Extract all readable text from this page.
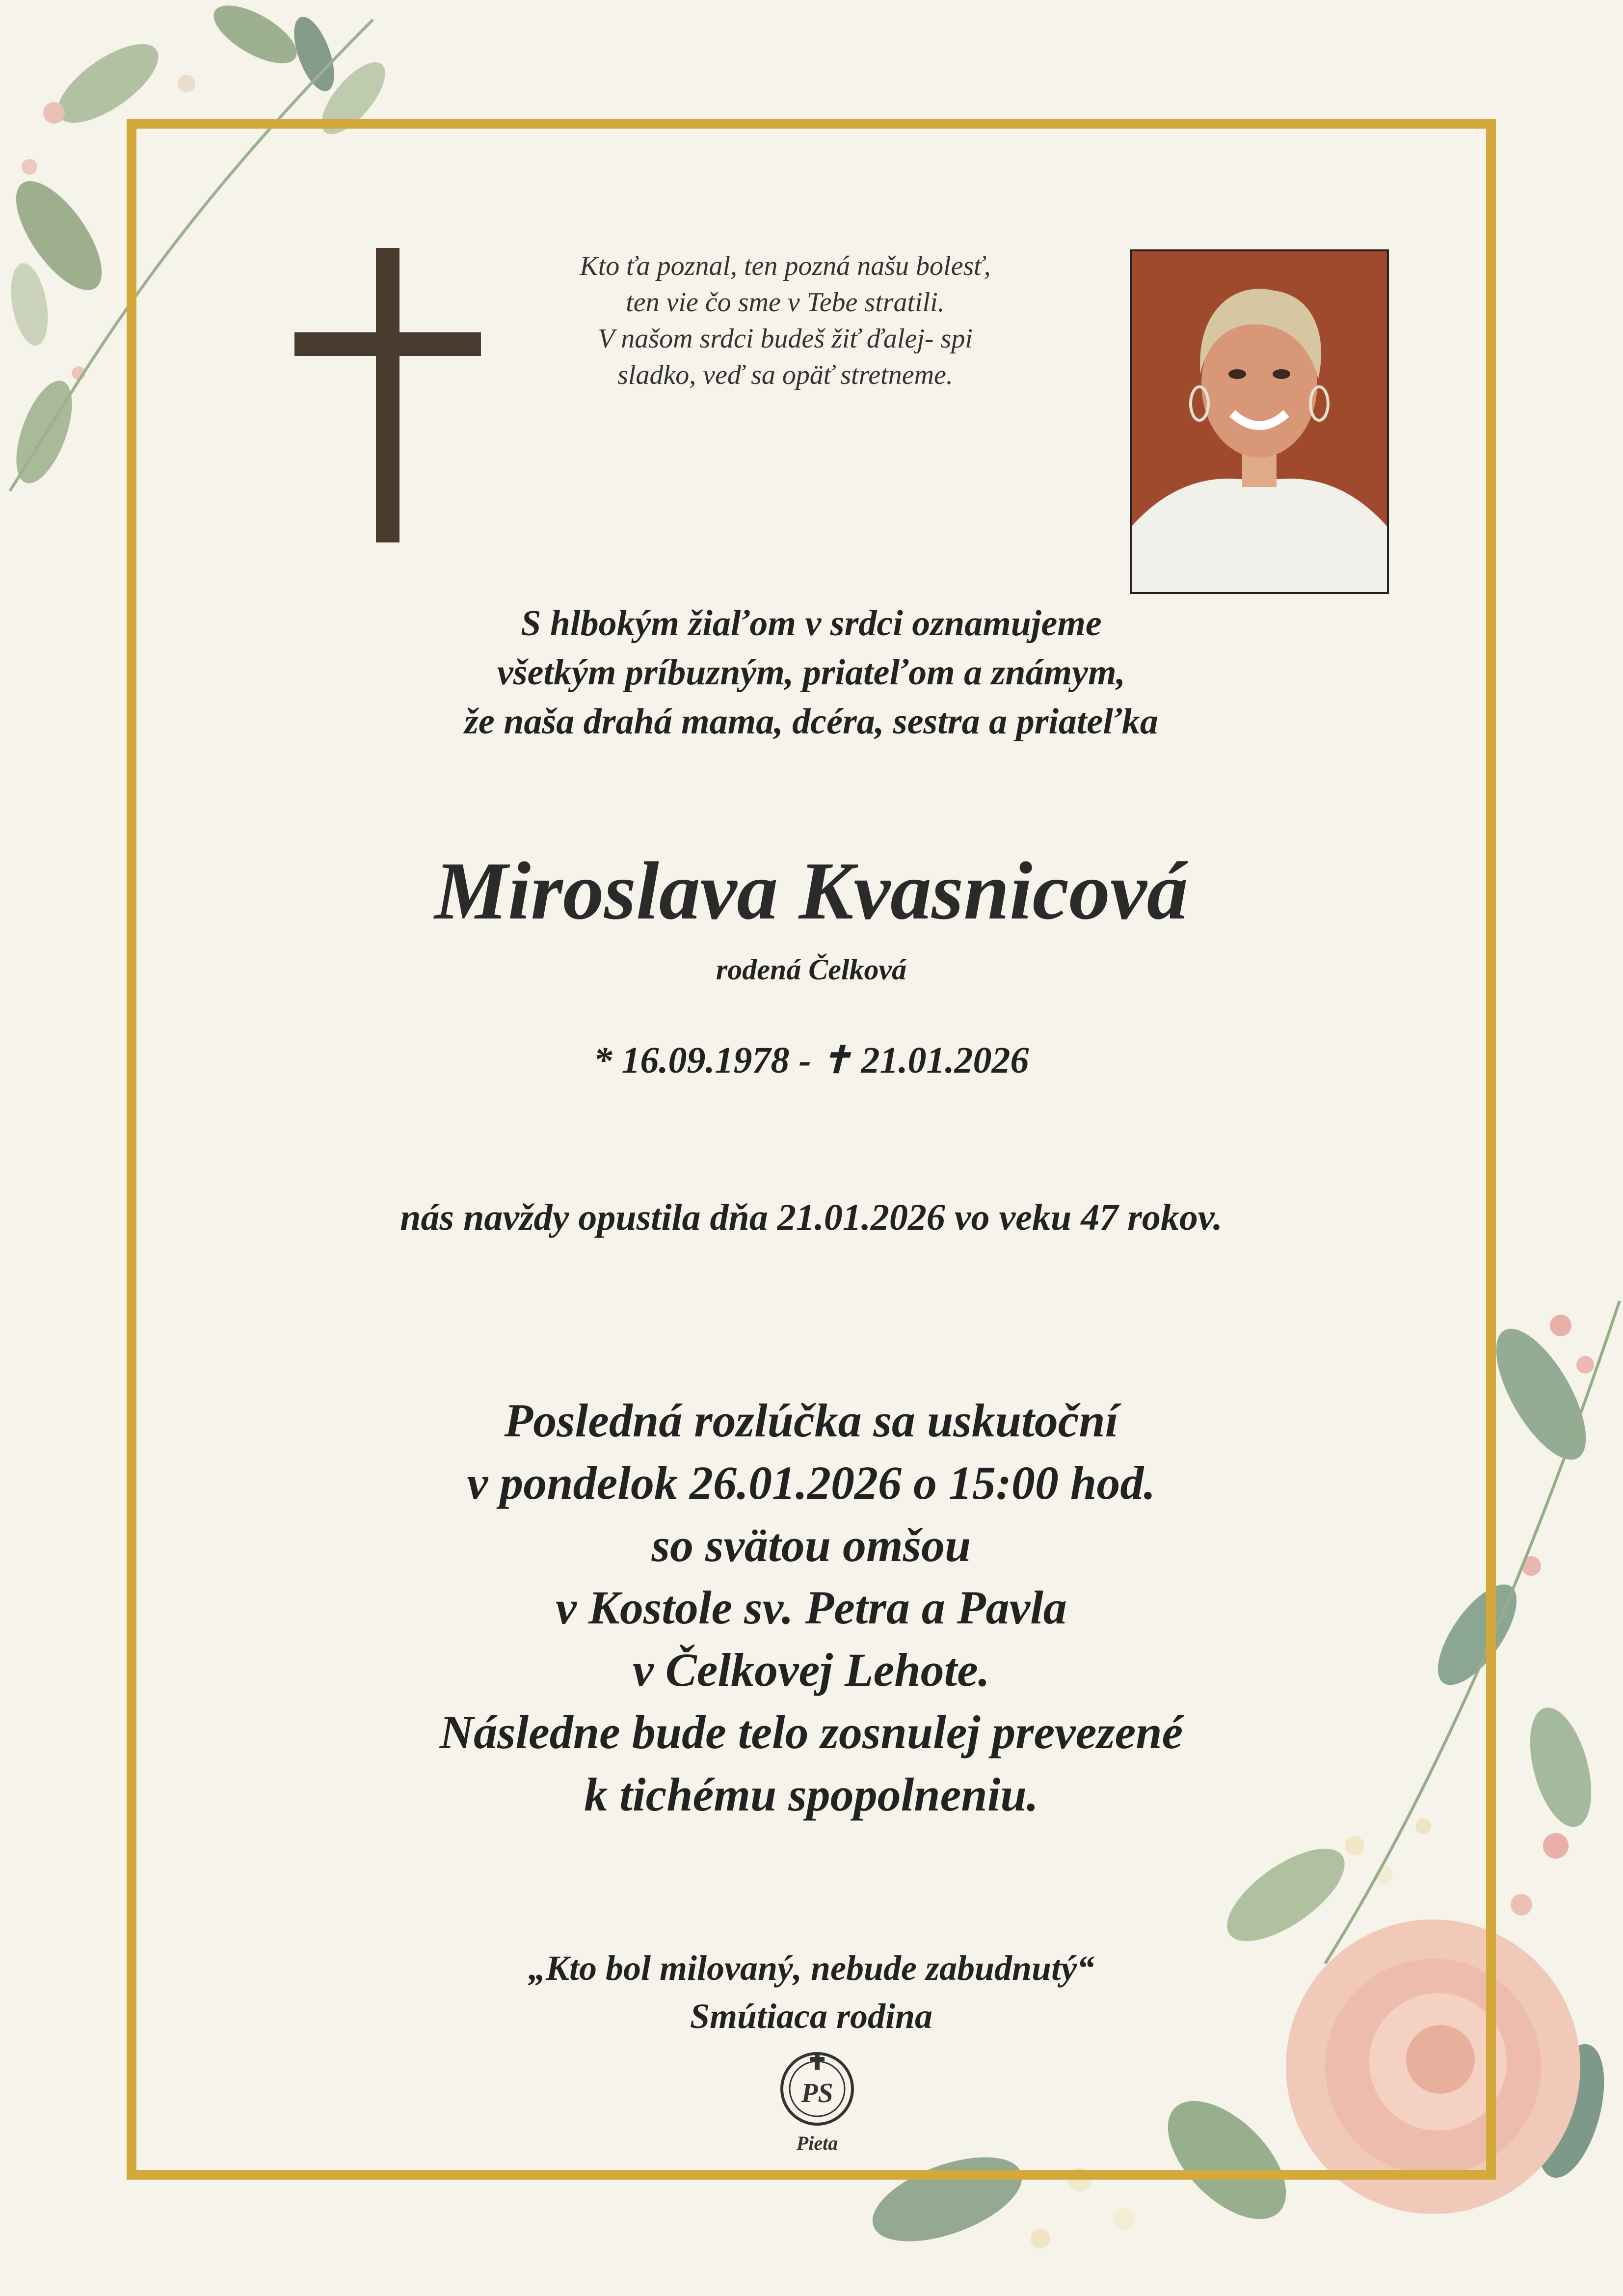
Kto ťa poznal, ten pozná našu bolesť,
ten vie čo sme v Tebe stratili.
V našom srdci budeš žiť ďalej- spi
sladko, veď sa opäť stretneme.
S hlbokým žiaľom v srdci oznamujeme
všetkým príbuzným, priateľom a známym,
že naša drahá mama, dcéra, sestra a priateľka
Miroslava Kvasnicová
rodená Čelková
* 16.09.1978 - ✝ 21.01.2026
nás navždy opustila dňa 21.01.2026 vo veku 47 rokov.
Posledná rozlúčka sa uskutoční
v pondelok 26.01.2026 o 15:00 hod.
so svätou omšou
v Kostole sv. Petra a Pavla
v Čelkovej Lehote.
Následne bude telo zosnulej prevezené
k tichému spopolneniu.
„Kto bol milovaný, nebude zabudnutý“
Smútiaca rodina
PS
Pieta
